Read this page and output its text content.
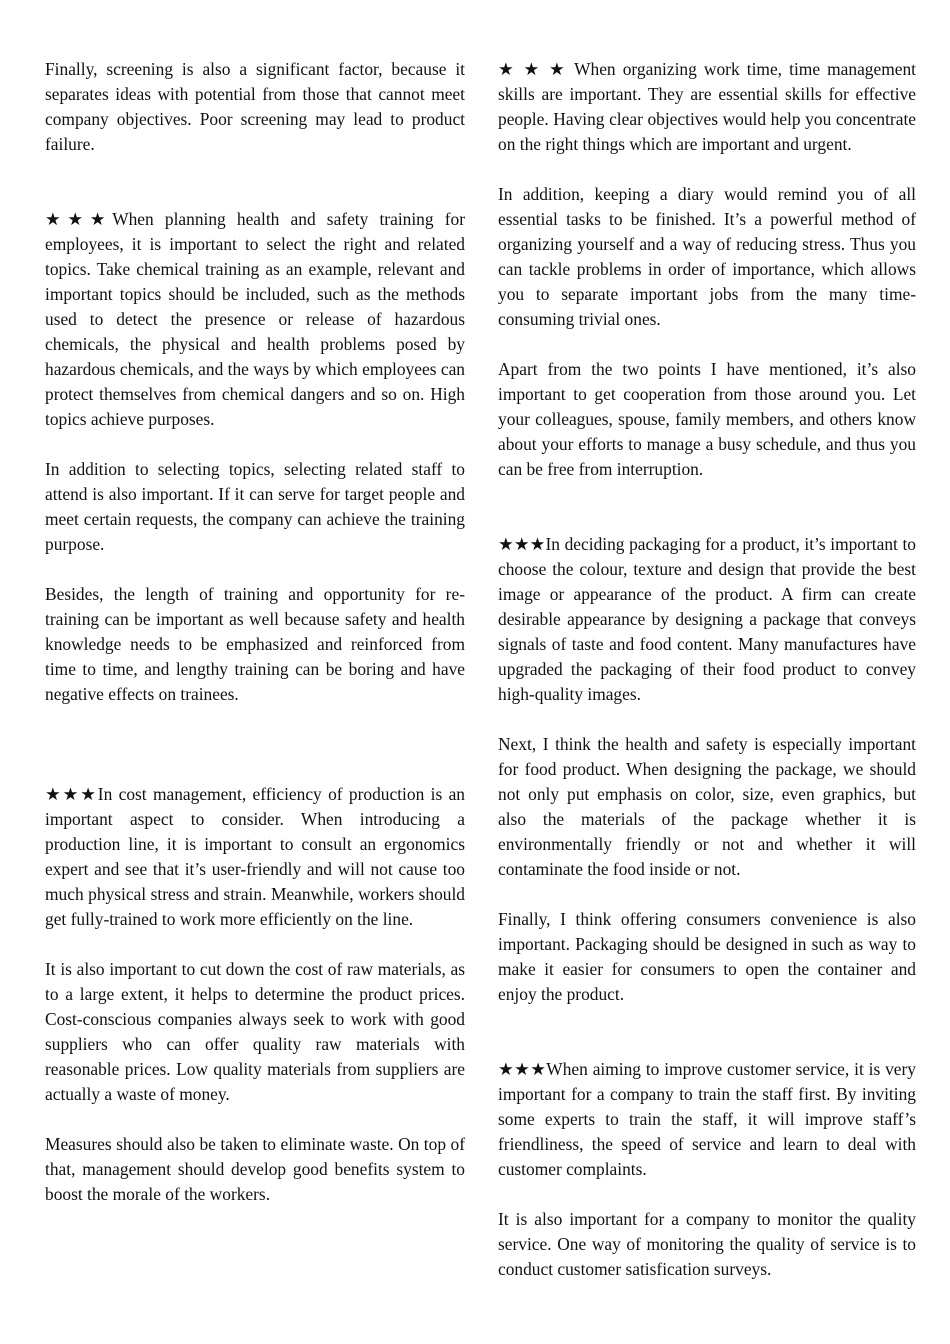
Finally, screening is also a significant factor, because it separates ideas with potential from those that cannot meet company objectives. Poor screening may lead to product failure.

★★★When planning health and safety training for employees, it is important to select the right and related topics. Take chemical training as an example, relevant and important topics should be included, such as the methods used to detect the presence or release of hazardous chemicals, the physical and health problems posed by hazardous chemicals, and the ways by which employees can protect themselves from chemical dangers and so on. High topics achieve purposes.

In addition to selecting topics, selecting related staff to attend is also important. If it can serve for target people and meet certain requests, the company can achieve the training purpose.

Besides, the length of training and opportunity for re-training can be important as well because safety and health knowledge needs to be emphasized and reinforced from time to time, and lengthy training can be boring and have negative effects on trainees.

★★★In cost management, efficiency of production is an important aspect to consider. When introducing a production line, it is important to consult an ergonomics expert and see that it’s user-friendly and will not cause too much physical stress and strain. Meanwhile, workers should get fully-trained to work more efficiently on the line.

It is also important to cut down the cost of raw materials, as to a large extent, it helps to determine the product prices. Cost-conscious companies always seek to work with good suppliers who can offer quality raw materials with reasonable prices. Low quality materials from suppliers are actually a waste of money.

Measures should also be taken to eliminate waste. On top of that, management should develop good benefits system to boost the morale of the workers.

★ ★ ★ When organizing work time, time management skills are important. They are essential skills for effective people. Having clear objectives would help you concentrate on the right things which are important and urgent.

In addition, keeping a diary would remind you of all essential tasks to be finished. It’s a powerful method of organizing yourself and a way of reducing stress. Thus you can tackle problems in order of importance, which allows you to separate important jobs from the many time-consuming trivial ones.

Apart from the two points I have mentioned, it’s also important to get cooperation from those around you. Let your colleagues, spouse, family members, and others know about your efforts to manage a busy schedule, and thus you can be free from interruption.

★★★In deciding packaging for a product, it’s important to choose the colour, texture and design that provide the best image or appearance of the product. A firm can create desirable appearance by designing a package that conveys signals of taste and food content. Many manufactures have upgraded the packaging of their food product to convey high-quality images.

Next, I think the health and safety is especially important for food product. When designing the package, we should not only put emphasis on color, size, even graphics, but also the materials of the package whether it is environmentally friendly or not and whether it will contaminate the food inside or not.

Finally, I think offering consumers convenience is also important. Packaging should be designed in such as way to make it easier for consumers to open the container and enjoy the product.

★★★When aiming to improve customer service, it is very important for a company to train the staff first. By inviting some experts to train the staff, it will improve staff’s friendliness, the speed of service and learn to deal with customer complaints.

It is also important for a company to monitor the quality service. One way of monitoring the quality of service is to conduct customer satisfication surveys.
